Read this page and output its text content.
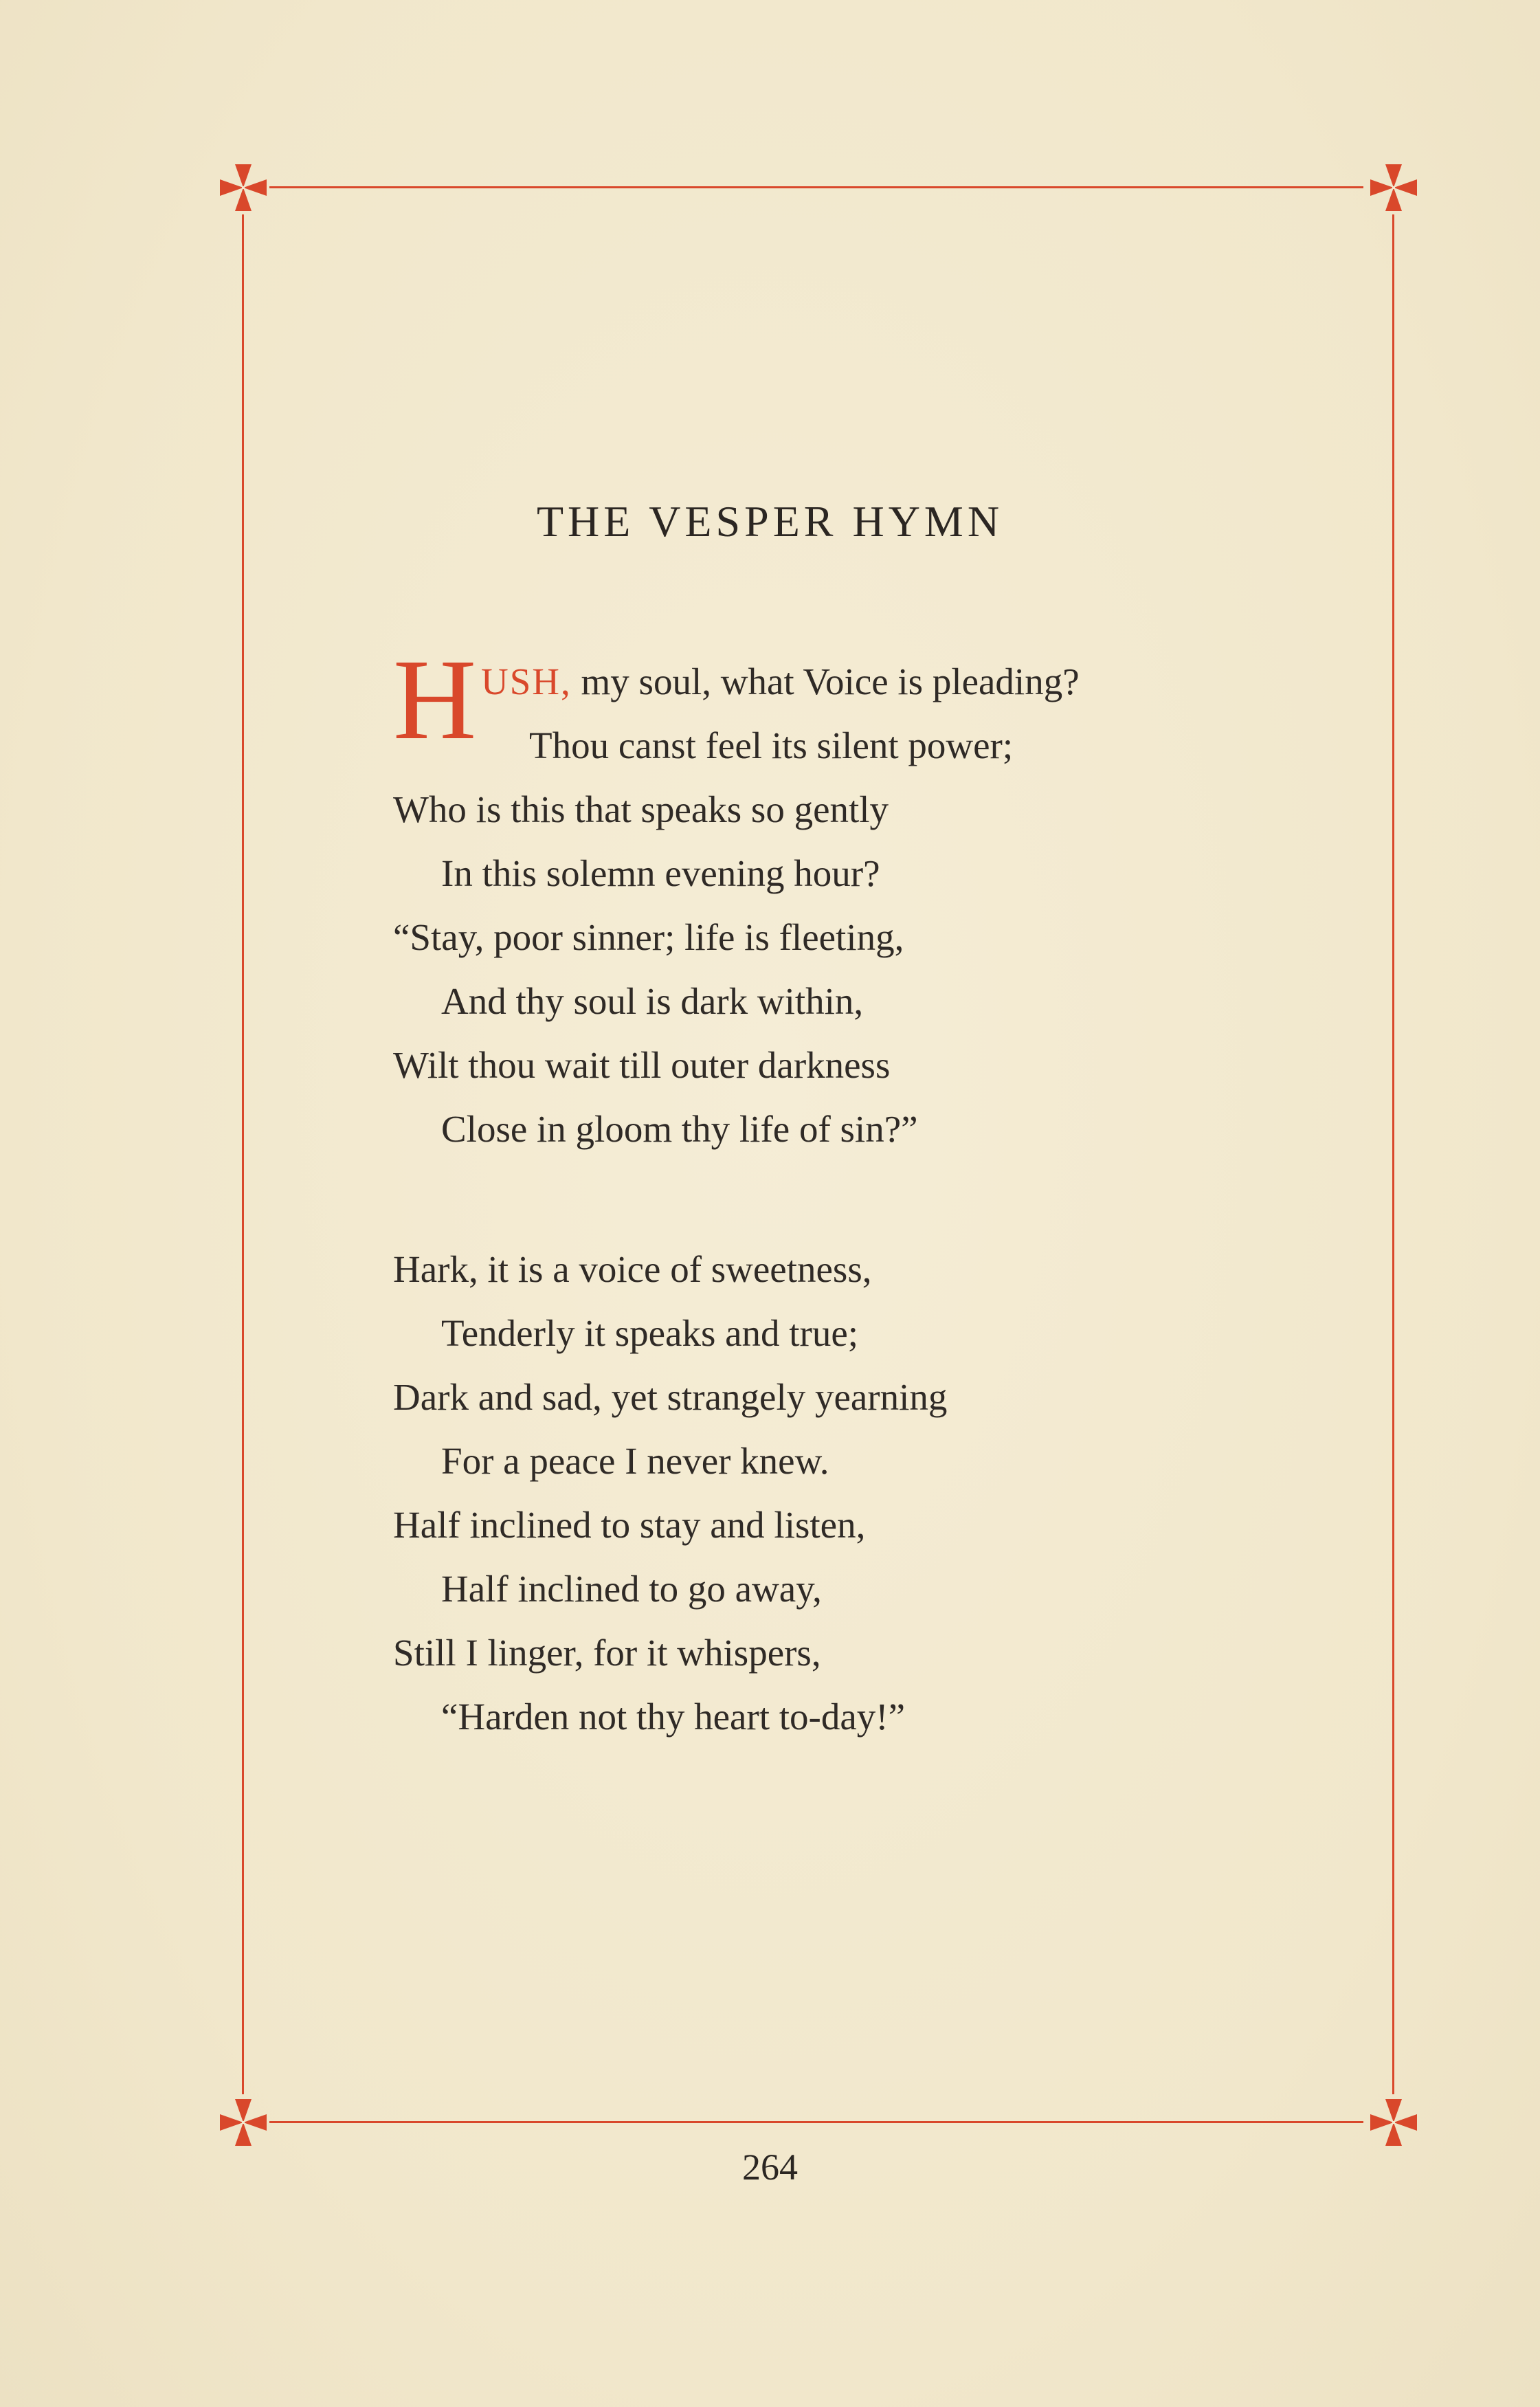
THE VESPER HYMN
H USH, my soul, what Voice is pleading?
Thou canst feel its silent power;
Who is this that speaks so gently
In this solemn evening hour?
“Stay, poor sinner; life is fleeting,
And thy soul is dark within,
Wilt thou wait till outer darkness
Close in gloom thy life of sin?”
Hark, it is a voice of sweetness,
Tenderly it speaks and true;
Dark and sad, yet strangely yearning
For a peace I never knew.
Half inclined to stay and listen,
Half inclined to go away,
Still I linger, for it whispers,
“Harden not thy heart to-day!”
264
